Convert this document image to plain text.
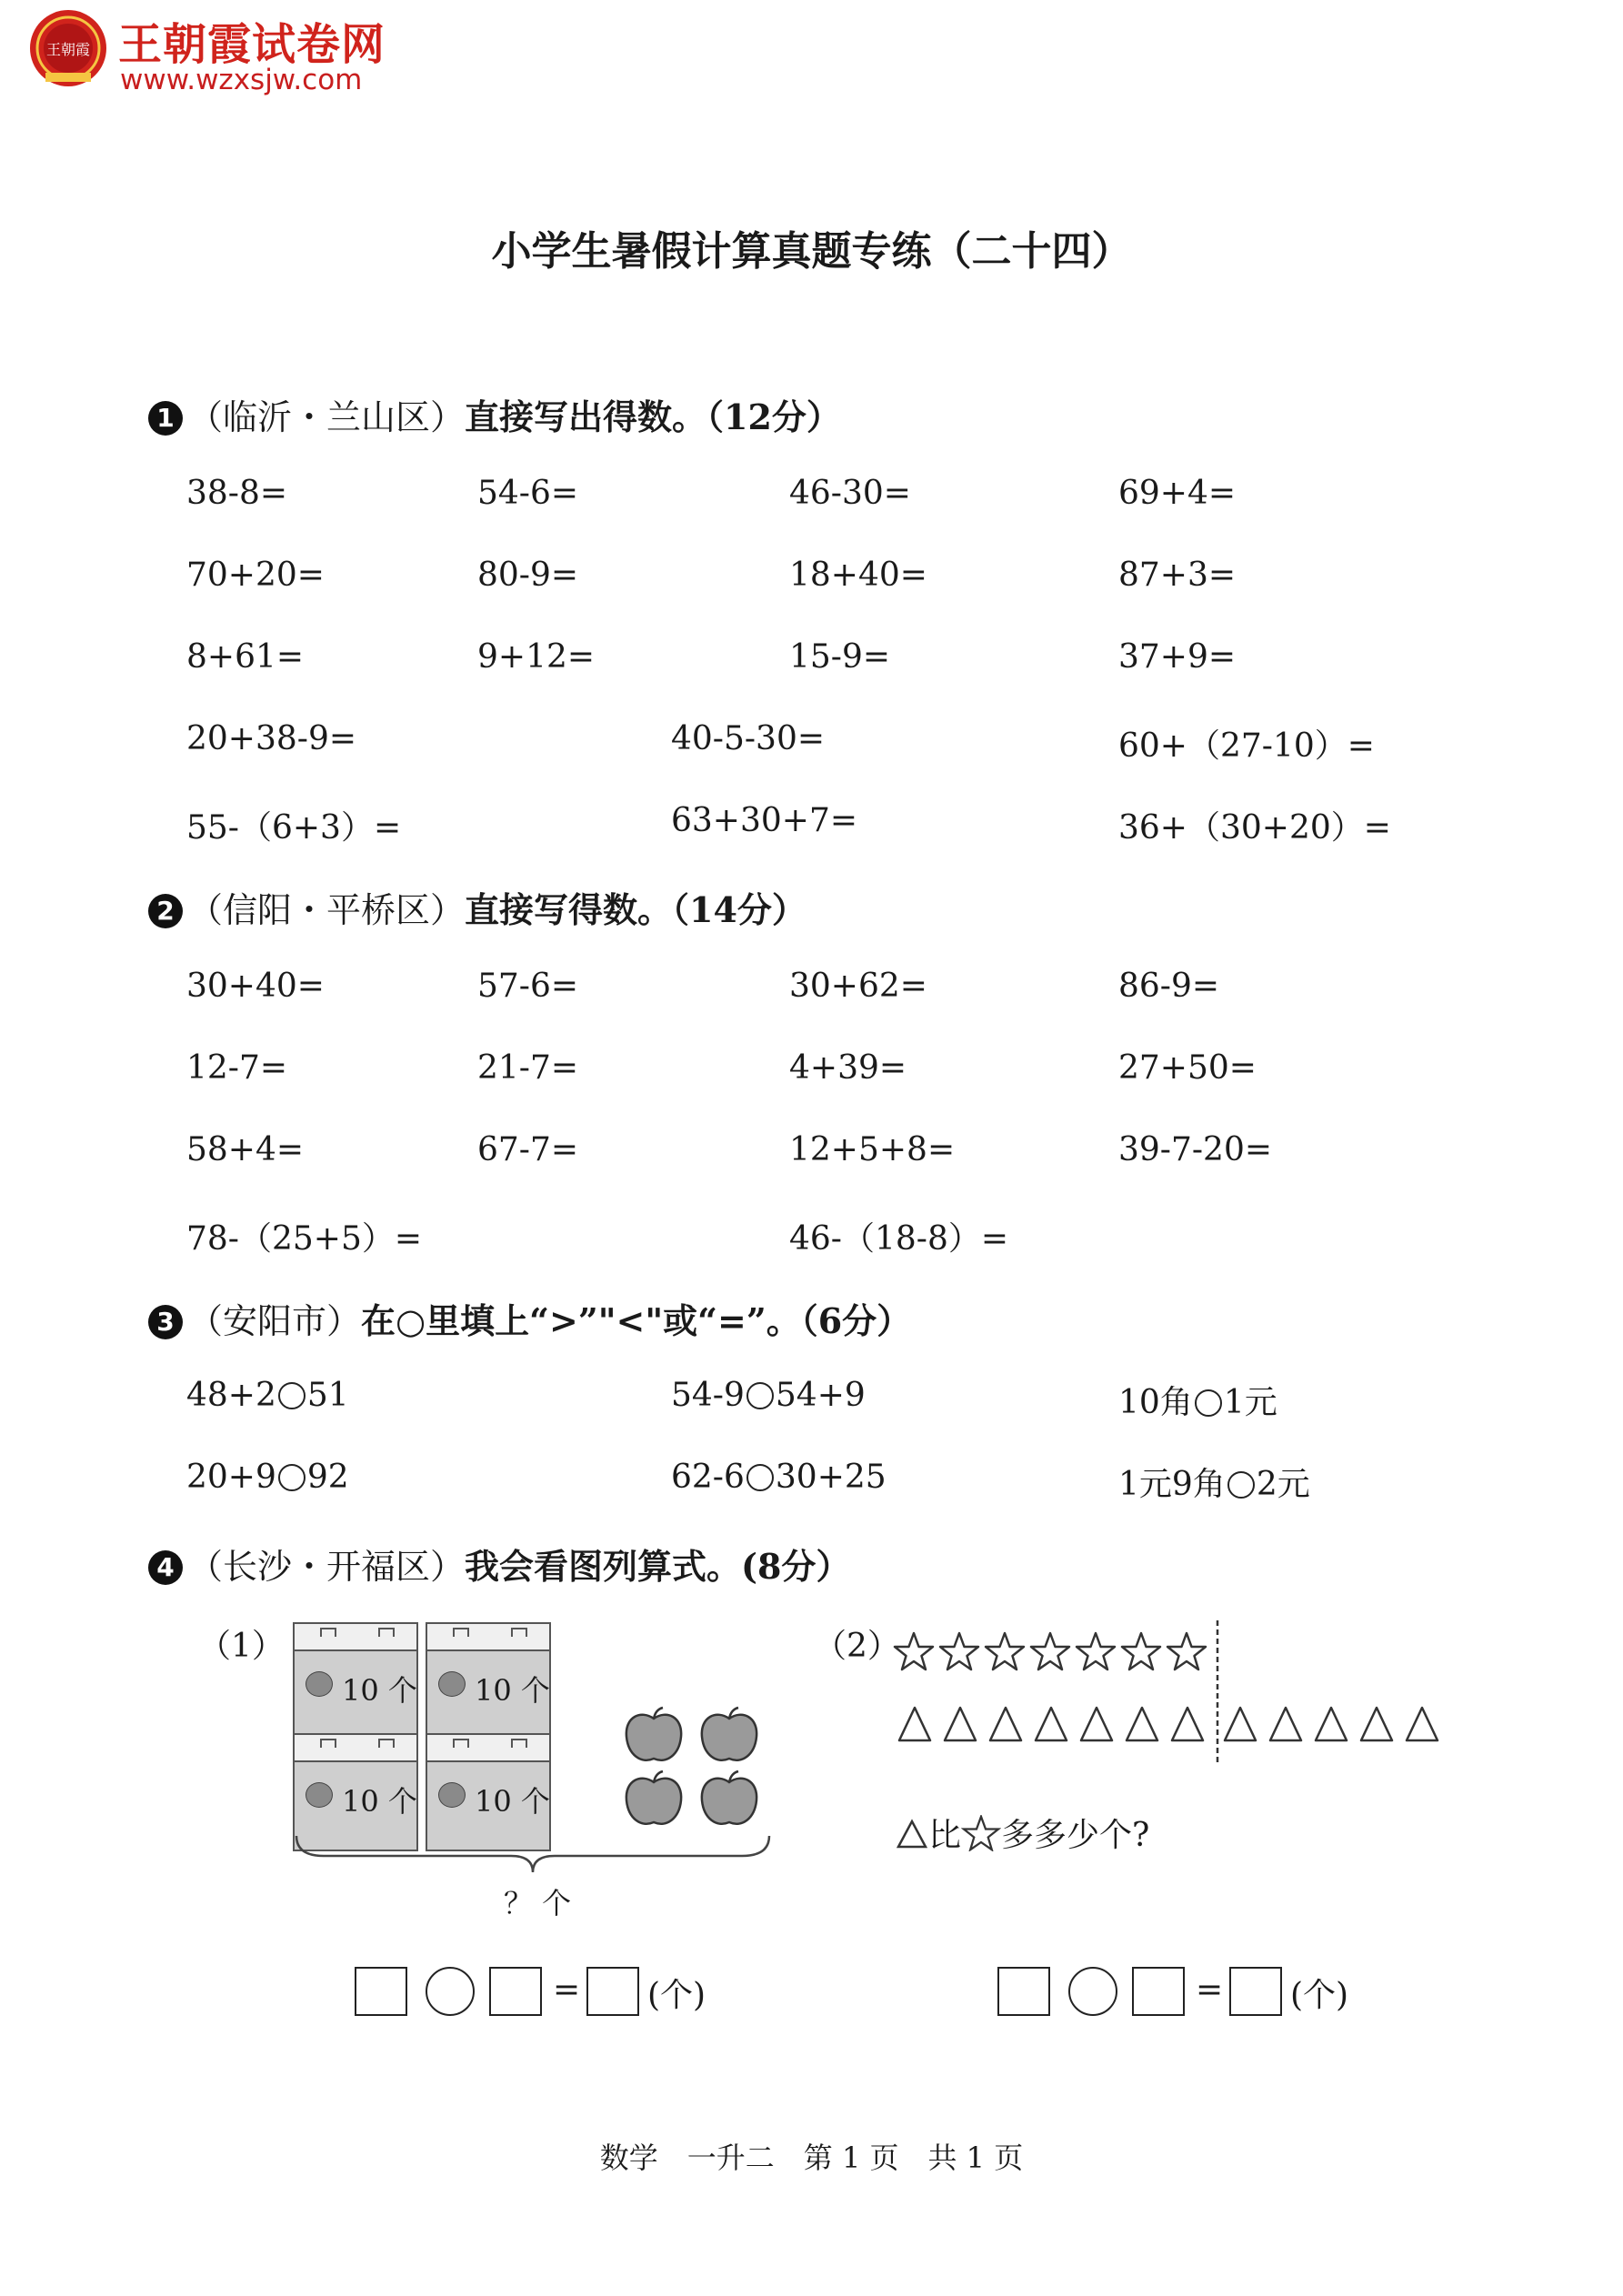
王朝霞 王朝霞试卷网
www.wzxsjw.com
小学生暑假计算真题专练（二十四）
1 （临沂・兰山区）直接写出得数。（12分）
38-8=	54-6=	46-30=	69+4=
70+20=	80-9=	18+40=	87+3=
8+61=	9+12=	15-9=	37+9=
20+38-9=	40-5-30=	60+（27-10）=
55-（6+3）=	63+30+7=	36+（30+20）=
2 （信阳・平桥区）直接写得数。（14分）
30+40=	57-6=	30+62=	86-9=
12-7=	21-7=	4+39=	27+50=
58+4=	67-7=	12+5+8=	39-7-20=
78-（25+5）=	46-（18-8）=
3 （安阳市）在○里填上“>”"<"或“=”。（6分）
48+2 51	54-9 54+9	10角 1元
20+9 92	62-6 30+25	1元9角 2元
4 （长沙・开福区）我会看图列算式。(8分）
（1）
10 个 10 个
10 个 10 个
？ 个
= (个)
（2）
比 多多少个?
= (个)
数学　一升二　第 1 页　共 1 页
